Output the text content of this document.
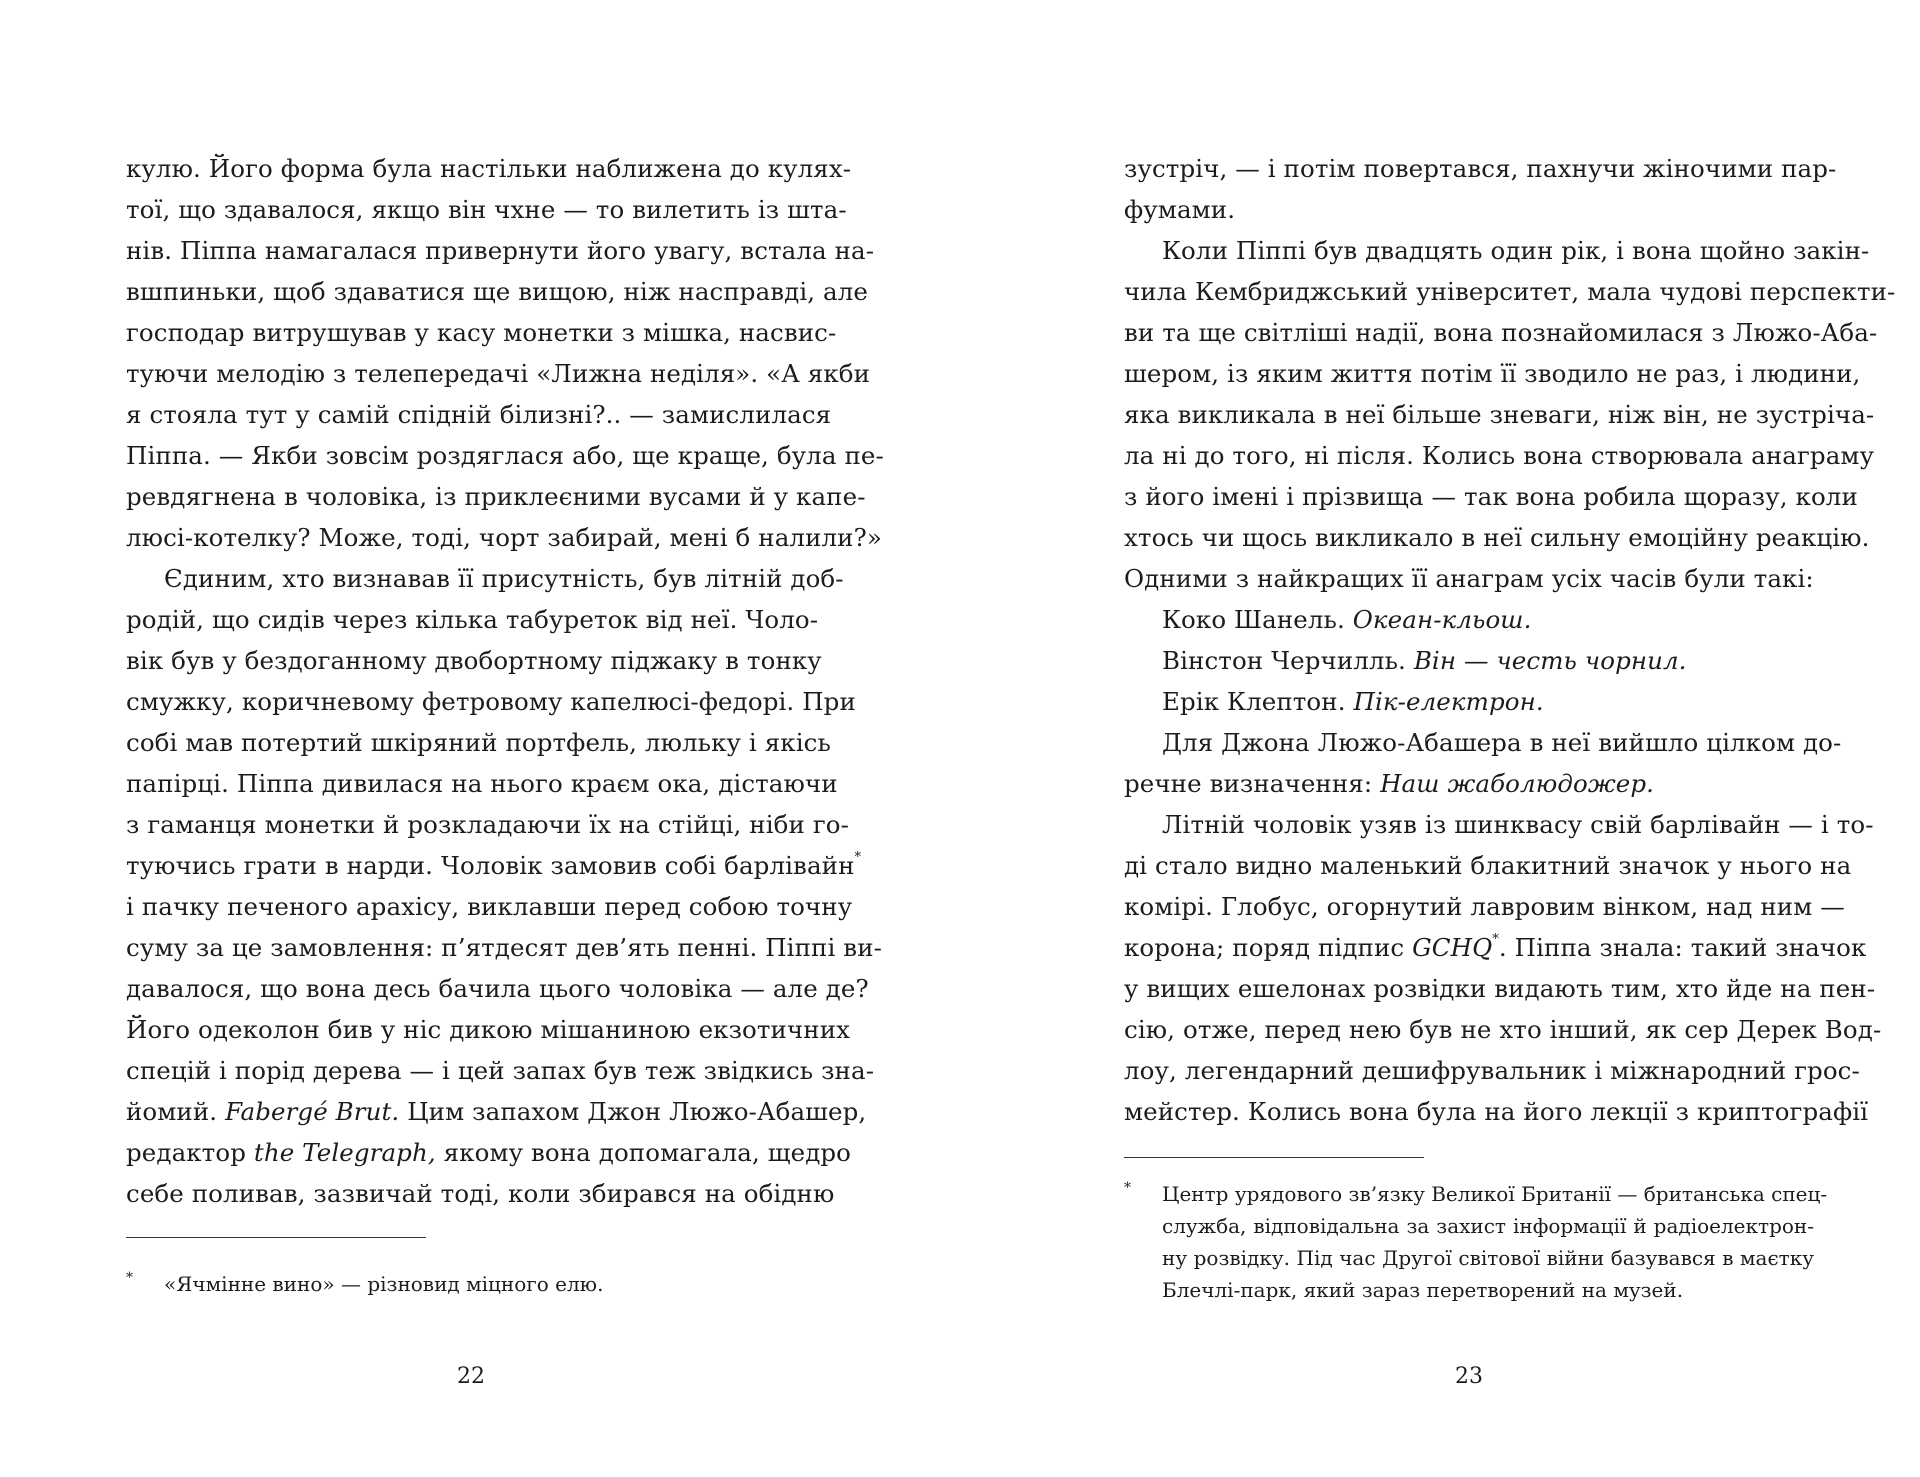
кулю. Його форма була настільки наближена до кулях-
тої, що здавалося, якщо він чхне — то вилетить із шта-
нів. Піппа намагалася привернути його увагу, встала на-
вшпиньки, щоб здаватися ще вищою, ніж насправді, але
господар витрушував у касу монетки з мішка, насвис-
туючи мелодію з телепередачі «Лижна неділя». «А якби
я стояла тут у самій спідній білизні?.. — замислилася
Піппа. — Якби зовсім роздяглася або, ще краще, була пе-
ревдягнена в чоловіка, із приклеєними вусами й у капе-
люсі-котелку? Може, тоді, чорт забирай, мені б налили?»
Єдиним, хто визнавав її присутність, був літній доб-
родій, що сидів через кілька табуреток від неї. Чоло-
вік був у бездоганному двобортному піджаку в тонку
смужку, коричневому фетровому капелюсі-федорі. При
собі мав потертий шкіряний портфель, люльку і якісь
папірці. Піппа дивилася на нього краєм ока, дістаючи
з гаманця монетки й розкладаючи їх на стійці, ніби го-
туючись грати в нарди. Чоловік замовив собі барлівайн*
і пачку печеного арахісу, виклавши перед собою точну
суму за це замовлення: п’ятдесят дев’ять пенні. Піппі ви-
давалося, що вона десь бачила цього чоловіка — але де?
Його одеколон бив у ніс дикою мішаниною екзотичних
спецій і порід дерева — і цей запах був теж звідкись зна-
йомий. Fabergé Brut. Цим запахом Джон Люжо-Абашер,
редактор the Telegraph, якому вона допомагала, щедро
себе поливав, зазвичай тоді, коли збирався на обідню
* «Ячмінне вино» — різновид міцного елю.
22
зустріч, — і потім повертався, пахнучи жіночими пар-
фумами.
Коли Піппі був двадцять один рік, і вона щойно закін-
чила Кембриджський університет, мала чудові перспекти-
ви та ще світліші надії, вона познайомилася з Люжо-Аба-
шером, із яким життя потім її зводило не раз, і людини,
яка викликала в неї більше зневаги, ніж він, не зустріча-
ла ні до того, ні після. Колись вона створювала анаграму
з його імені і прізвища — так вона робила щоразу, коли
хтось чи щось викликало в неї сильну емоційну реакцію.
Одними з найкращих її анаграм усіх часів були такі:
Коко Шанель. Океан-кльош.
Вінстон Черчилль. Він — честь чорнил.
Ерік Клептон. Пік-електрон.
Для Джона Люжо-Абашера в неї вийшло цілком до-
речне визначення: Наш жаболюдожер.
Літній чоловік узяв із шинквасу свій барлівайн — і то-
ді стало видно маленький блакитний значок у нього на
комірі. Глобус, огорнутий лавровим вінком, над ним —
корона; поряд підпис GCHQ*. Піппа знала: такий значок
у вищих ешелонах розвідки видають тим, хто йде на пен-
сію, отже, перед нею був не хто інший, як сер Дерек Вод-
лоу, легендарний дешифрувальник і міжнародний грос-
мейстер. Колись вона була на його лекції з криптографії
* Центр урядового зв’язку Великої Британії — британська спец-
служба, відповідальна за захист інформації й радіоелектрон-
ну розвідку. Під час Другої світової війни базувався в маєтку
Блечлі-парк, який зараз перетворений на музей.
23
